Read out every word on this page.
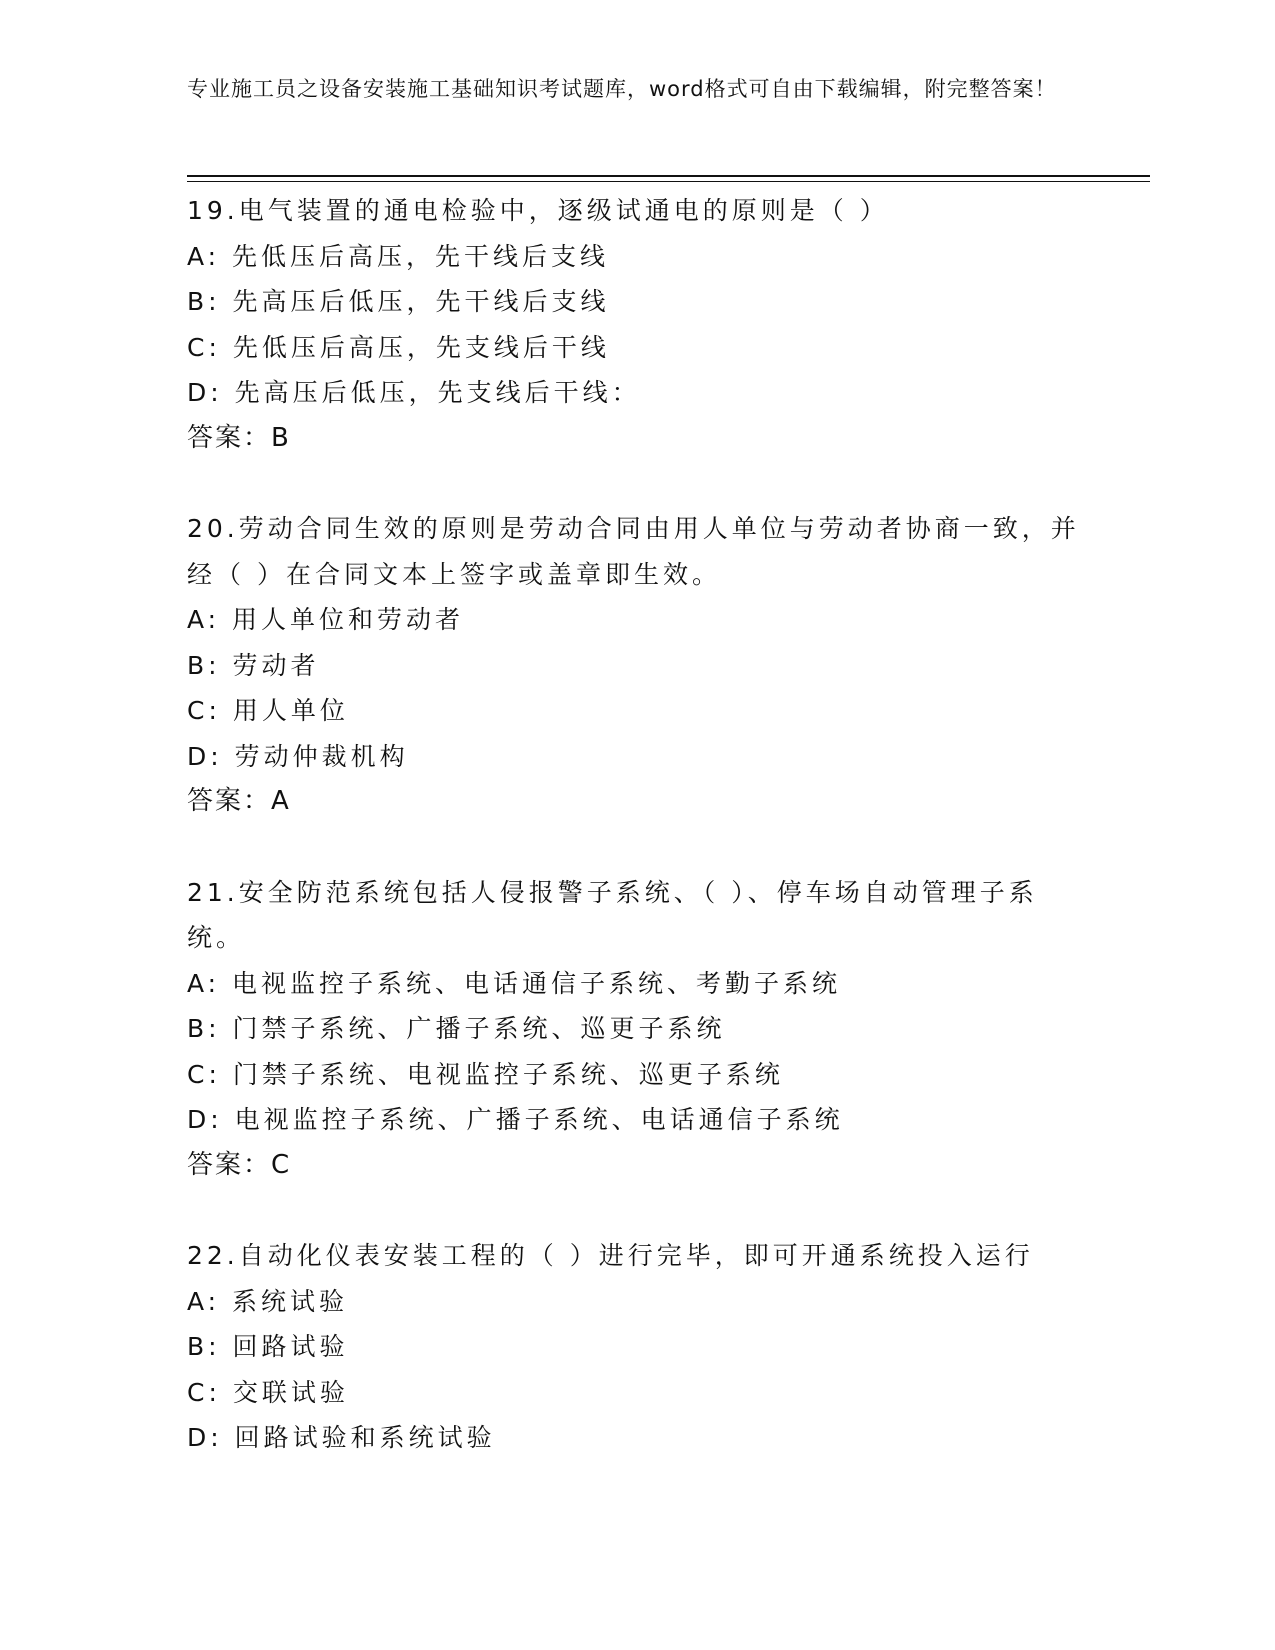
专业施工员之设备安装施工基础知识考试题库，word格式可自由下载编辑，附完整答案！

19.电气装置的通电检验中，逐级试通电的原则是（ ）

A: 先低压后高压，先干线后支线

B: 先高压后低压，先干线后支线

C: 先低压后高压，先支线后干线

D: 先高压后低压，先支线后干线：

答案：B

20.劳动合同生效的原则是劳动合同由用人单位与劳动者协商一致，并

经（ ）在合同文本上签字或盖章即生效。

A: 用人单位和劳动者

B: 劳动者

C: 用人单位

D: 劳动仲裁机构

答案：A

21.安全防范系统包括人侵报警子系统、（ ）、停车场自动管理子系

统。

A: 电视监控子系统、电话通信子系统、考勤子系统

B: 门禁子系统、广播子系统、巡更子系统

C: 门禁子系统、电视监控子系统、巡更子系统

D: 电视监控子系统、广播子系统、电话通信子系统

答案：C

22.自动化仪表安装工程的（ ）进行完毕，即可开通系统投入运行

A: 系统试验

B: 回路试验

C: 交联试验

D: 回路试验和系统试验
